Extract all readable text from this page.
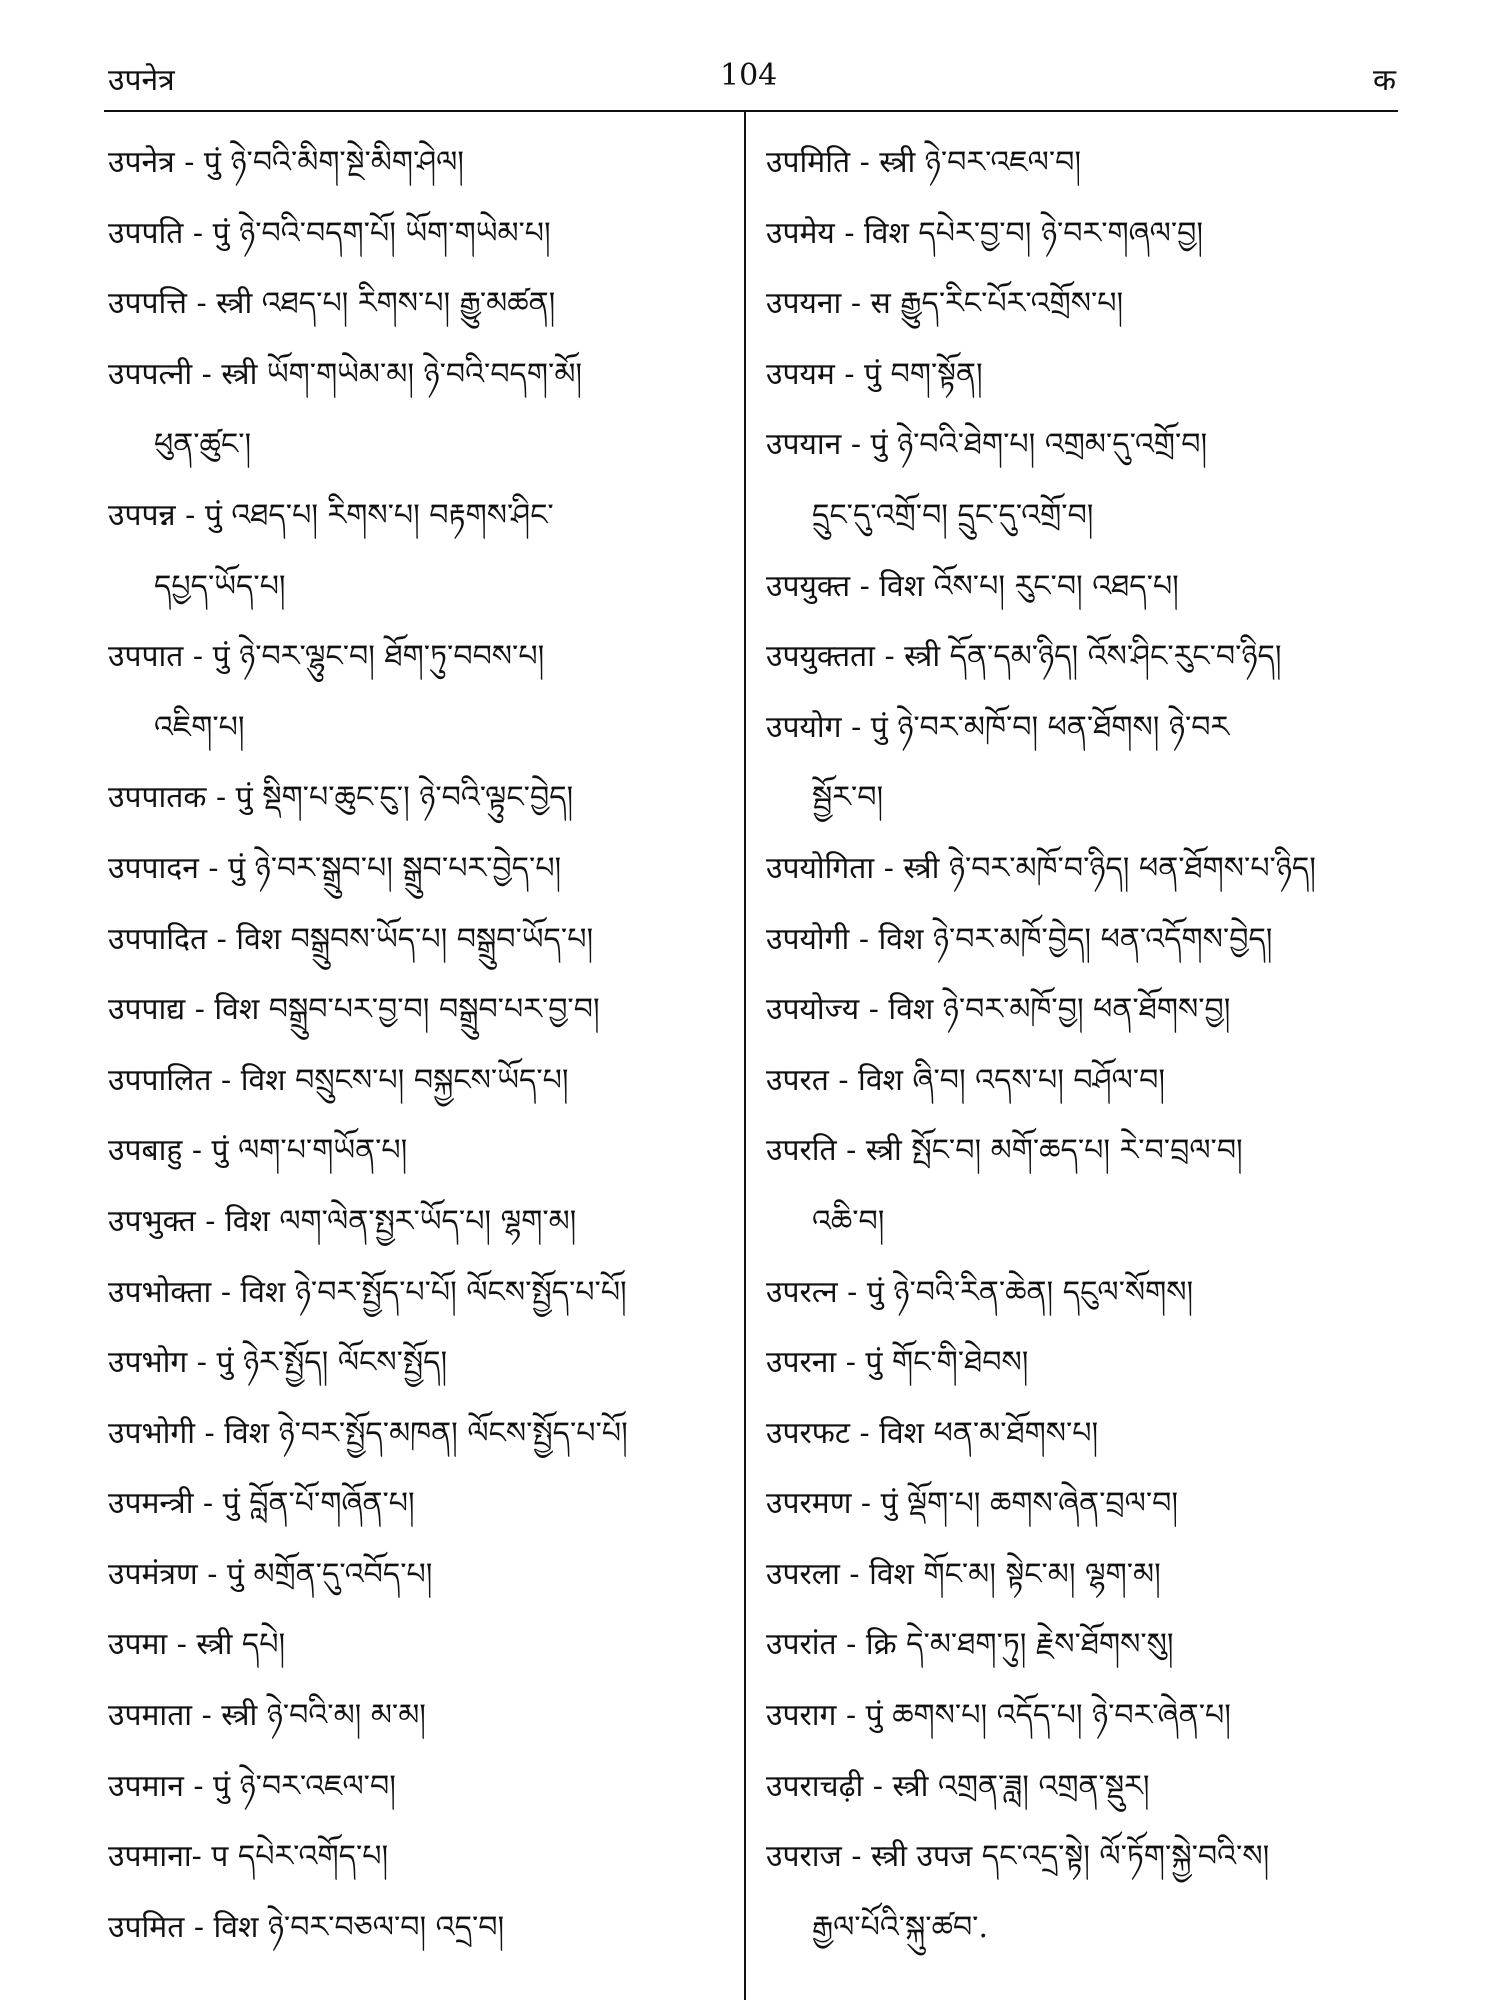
उपनेत्र	104	क
उपनेत्र - पुं ཉེ་བའི་མིག་སྔེ་མིག་ཤེལ།
उपपति - पुं ཉེ་བའི་བདག་པོ། ཡོག་གཡེམ་པ།
उपपत्ति - स्त्री འཐད་པ། རིགས་པ། རྒྱུ་མཚན།
उपपत्नी - स्त्री ཡོག་གཡེམ་མ། ཉེ་བའི་བདག་མོ།
ཕུན་ཚུང་།
उपपन्न - पुं འཐད་པ། རིགས་པ། བརྟགས་ཤིང་
དཔྱད་ཡོད་པ།
उपपात - पुं ཉེ་བར་ལྷུང་བ། ཐོག་ཏུ་བབས་པ།
འཇིག་པ།
उपपातक - पुं སྡིག་པ་ཆུང་ངུ་། ཉེ་བའི་ལྟུང་བྱེད།
उपपादन - पुं ཉེ་བར་སྒྲུབ་པ། སྒྲུབ་པར་བྱེད་པ།
उपपादित - विश བསྒྲུབས་ཡོད་པ། བསྒྲུབ་ཡོད་པ།
उपपाद्य - विश བསྒྲུབ་པར་བྱ་བ། བསྒྲུབ་པར་བྱ་བ།
उपपालित - विश བསྲུངས་པ། བསྐྱངས་ཡོད་པ།
उपबाहु - पुं ལག་པ་གཡོན་པ།
उपभुक्त - विश ལག་ལེན་སྤྱར་ཡོད་པ། ལྷག་མ།
उपभोक्ता - विश ཉེ་བར་སྤྱོད་པ་པོ། ལོངས་སྤྱོད་པ་པོ།
उपभोग - पुं ཉེར་སྤྱོད། ལོངས་སྤྱོད།
उपभोगी - विश ཉེ་བར་སྤྱོད་མཁན། ལོངས་སྤྱོད་པ་པོ།
उपमन्त्री - पुं བློན་པོ་གཞོན་པ།
उपमंत्रण - पुं མགྲོན་དུ་འབོད་པ།
उपमा - स्त्री དཔེ།
उपमाता - स्त्री ཉེ་བའི་མ། མ་མ།
उपमान - पुं ཉེ་བར་འཇལ་བ།
उपमाना- प དཔེར་འགོད་པ།
उपमित - विश ཉེ་བར་བཅལ་བ། འདྲ་བ།
उपमिति - स्त्री ཉེ་བར་འཇལ་བ།
उपमेय - विश དཔེར་བྱ་བ། ཉེ་བར་གཞལ་བྱ།
उपयना - स རྒྱུད་རིང་པོར་འགྲོས་པ།
उपयम - पुं བག་སྟོན།
उपयान - पुं ཉེ་བའི་ཐེག་པ། འགྲམ་དུ་འགྲོ་བ།
དྲུང་དུ་འགྲོ་བ། དྲུང་དུ་འགྲོ་བ།
उपयुक्त - विश འོས་པ། རུང་བ། འཐད་པ།
उपयुक्तता - स्त्री དོན་དམ་ཉིད། འོས་ཤིང་རུང་བ་ཉིད།
उपयोग - पुं ཉེ་བར་མཁོ་བ། ཕན་ཐོགས། ཉེ་བར
སྦྱོར་བ།
उपयोगिता - स्त्री ཉེ་བར་མཁོ་བ་ཉིད། ཕན་ཐོགས་པ་ཉིད།
उपयोगी - विश ཉེ་བར་མཁོ་བྱེད། ཕན་འདོགས་བྱེད།
उपयोज्य - विश ཉེ་བར་མཁོ་བྱ། ཕན་ཐོགས་བྱ།
उपरत - विश ཞི་བ། འདས་པ། བཤོལ་བ།
उपरति - स्त्री སྤོང་བ། མགོ་ཆད་པ། རེ་བ་བྲལ་བ།
འཆི་བ།
उपरत्न - पुं ཉེ་བའི་རིན་ཆེན། དངུལ་སོགས།
उपरना - पुं གོང་གི་ཐེབས།
उपरफट - विश ཕན་མ་ཐོགས་པ།
उपरमण - पुं ལྡོག་པ། ཆགས་ཞེན་བྲལ་བ།
उपरला - विश གོང་མ། སྟེང་མ། ལྷག་མ།
उपरांत - क्रि དེ་མ་ཐག་ཏུ། རྗེས་ཐོགས་སུ།
उपराग - पुं ཆགས་པ། འདོད་པ། ཉེ་བར་ཞེན་པ།
उपराचढ़ी - स्त्री འགྲན་ཟླ། འགྲན་སྡུར།
उपराज - स्त्री उपज དང་འདྲ་སྟེ། ལོ་ཏོག་སྐྱེ་བའི་ས།
རྒྱལ་པོའི་སྐུ་ཚབ་.
